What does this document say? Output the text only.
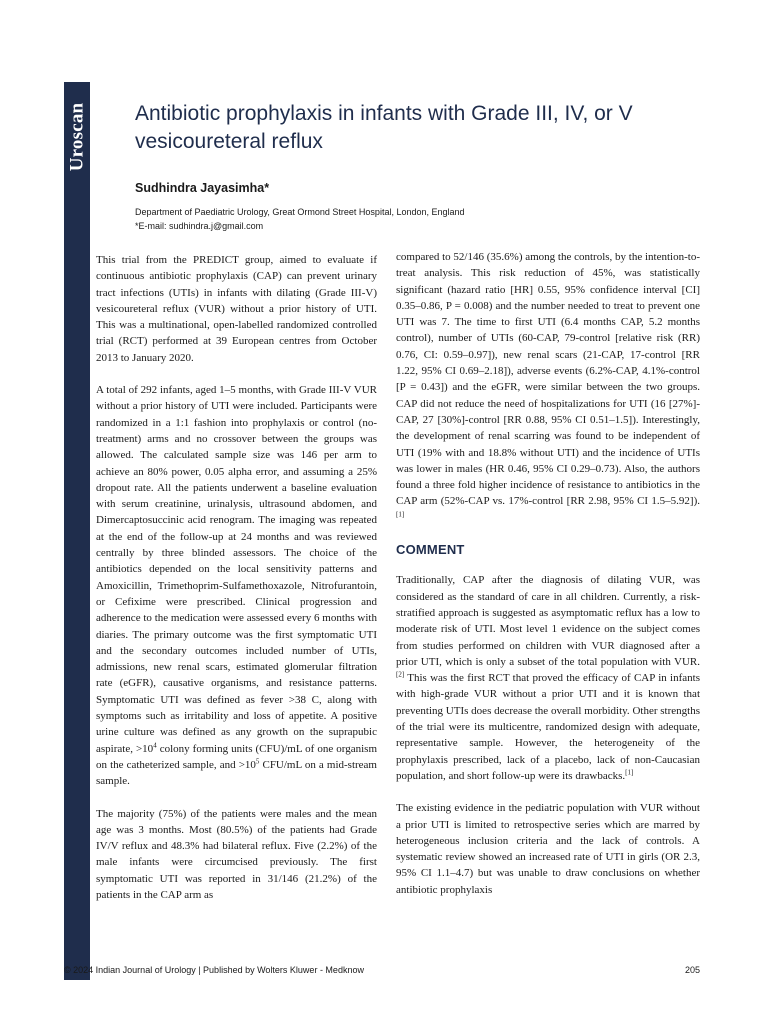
Uroscan Antibiotic prophylaxis in infants with Grade III, IV, or V vesicoureteral reflux
Sudhindra Jayasimha*
Department of Paediatric Urology, Great Ormond Street Hospital, London, England
*E-mail: sudhindra.j@gmail.com

This trial from the PREDICT group, aimed to evaluate if continuous antibiotic prophylaxis (CAP) can prevent urinary tract infections (UTIs) in infants with dilating (Grade III-V) vesicoureteral reflux (VUR) without a prior history of UTI. This was a multinational, open-labelled randomized controlled trial (RCT) performed at 39 European centres from October 2013 to January 2020.

A total of 292 infants, aged 1–5 months, with Grade III-V VUR without a prior history of UTI were included. Participants were randomized in a 1:1 fashion into prophylaxis or control (no-treatment) arms and no crossover between the groups was allowed. The calculated sample size was 146 per arm to achieve an 80% power, 0.05 alpha error, and assuming a 25% dropout rate. All the patients underwent a baseline evaluation with serum creatinine, urinalysis, ultrasound abdomen, and Dimercaptosuccinic acid renogram. The imaging was repeated at the end of the follow-up at 24 months and was reviewed centrally by three blinded assessors. The choice of the antibiotics depended on the local sensitivity patterns and Amoxicillin, Trimethoprim-Sulfamethoxazole, Nitrofurantoin, or Cefixime were prescribed. Clinical progression and adherence to the medication were assessed every 6 months with diaries. The primary outcome was the first symptomatic UTI and the secondary outcomes included number of UTIs, admissions, new renal scars, estimated glomerular filtration rate (eGFR), causative organisms, and resistance patterns. Symptomatic UTI was defined as fever >38 C, along with symptoms such as irritability and loss of appetite. A positive urine culture was defined as any growth on the suprapubic aspirate, $>10^4$ colony forming units (CFU)/mL of one organism on the catheterized sample, and $>10^5$ CFU/mL on a mid-stream sample.

The majority (75%) of the patients were males and the mean age was 3 months. Most (80.5%) of the patients had Grade IV/V reflux and 48.3% had bilateral reflux. Five (2.2%) of the male infants were circumcised previously. The first symptomatic UTI was reported in 31/146 (21.2%) of the patients in the CAP arm as

compared to 52/146 (35.6%) among the controls, by the intention-to-treat analysis. This risk reduction of 45%, was statistically significant (hazard ratio [HR] 0.55, 95% confidence interval [CI] 0.35–0.86, P = 0.008) and the number needed to treat to prevent one UTI was 7. The time to first UTI (6.4 months CAP, 5.2 months control), number of UTIs (60-CAP, 79-control [relative risk (RR) 0.76, CI: 0.59–0.97]), new renal scars (21-CAP, 17-control [RR 1.22, 95% CI 0.69–2.18]), adverse events (6.2%-CAP, 4.1%-control [P = 0.43]) and the eGFR, were similar between the two groups. CAP did not reduce the need of hospitalizations for UTI (16 [27%]-CAP, 27 [30%]-control [RR 0.88, 95% CI 0.51–1.5]). Interestingly, the development of renal scarring was found to be independent of UTI (19% with and 18.8% without UTI) and the incidence of UTIs was lower in males (HR 0.46, 95% CI 0.29–0.73). Also, the authors found a three fold higher incidence of resistance to antibiotics in the CAP arm (52%-CAP vs. 17%-control [RR 2.98, 95% CI 1.5–5.92]).[1]

COMMENT

Traditionally, CAP after the diagnosis of dilating VUR, was considered as the standard of care in all children. Currently, a risk-stratified approach is suggested as asymptomatic reflux has a low to moderate risk of UTI. Most level 1 evidence on the subject comes from studies performed on children with VUR diagnosed after a prior UTI, which is only a subset of the total population with VUR.[2] This was the first RCT that proved the efficacy of CAP in infants with high-grade VUR without a prior UTI and it is known that preventing UTIs does decrease the overall morbidity. Other strengths of the trial were its multicentre, randomized design with adequate, representative sample. However, the heterogeneity of the prophylaxis prescribed, lack of a placebo, lack of non-Caucasian population, and short follow-up were its drawbacks.[1]

The existing evidence in the pediatric population with VUR without a prior UTI is limited to retrospective series which are marred by heterogeneous inclusion criteria and the lack of controls. A systematic review showed an increased rate of UTI in girls (OR 2.3, 95% CI 1.1–4.7) but was unable to draw conclusions on whether antibiotic prophylaxis

© 2024 Indian Journal of Urology | Published by Wolters Kluwer - Medknow	205
